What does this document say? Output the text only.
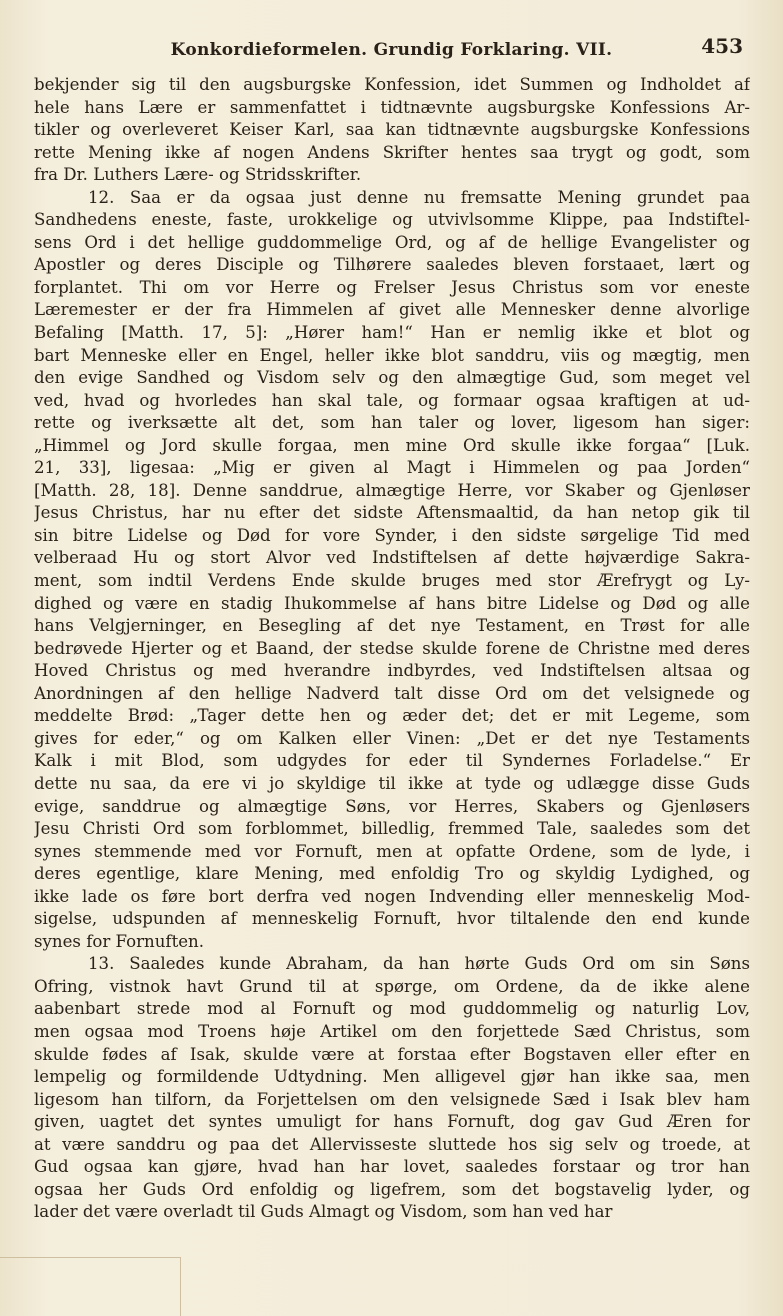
Konkordieformelen. Grundig Forklaring. VII.	453
bekjender sig til den augsburgske Konfession, idet Summen og Indholdet af
hele hans Lære er sammenfattet i tidtnævnte augsburgske Konfessions Ar-
tikler og overleveret Keiser Karl, saa kan tidtnævnte augsburgske Konfessions
rette Mening ikke af nogen Andens Skrifter hentes saa trygt og godt, som
fra Dr. Luthers Lære- og Stridsskrifter.
12. Saa er da ogsaa just denne nu fremsatte Mening grundet paa
Sandhedens eneste, faste, urokkelige og utvivlsomme Klippe, paa Indstiftel-
sens Ord i det hellige guddommelige Ord, og af de hellige Evangelister og
Apostler og deres Disciple og Tilhørere saaledes bleven forstaaet, lært og
forplantet. Thi om vor Herre og Frelser Jesus Christus som vor eneste
Læremester er der fra Himmelen af givet alle Mennesker denne alvorlige
Befaling [Matth. 17, 5]: „Hører ham!“ Han er nemlig ikke et blot og
bart Menneske eller en Engel, heller ikke blot sanddru, viis og mægtig, men
den evige Sandhed og Visdom selv og den almægtige Gud, som meget vel
ved, hvad og hvorledes han skal tale, og formaar ogsaa kraftigen at ud-
rette og iverksætte alt det, som han taler og lover, ligesom han siger:
„Himmel og Jord skulle forgaa, men mine Ord skulle ikke forgaa“ [Luk.
21, 33], ligesaa: „Mig er given al Magt i Himmelen og paa Jorden“
[Matth. 28, 18]. Denne sanddrue, almægtige Herre, vor Skaber og Gjenløser
Jesus Christus, har nu efter det sidste Aftensmaaltid, da han netop gik til
sin bitre Lidelse og Død for vore Synder, i den sidste sørgelige Tid med
velberaad Hu og stort Alvor ved Indstiftelsen af dette højværdige Sakra-
ment, som indtil Verdens Ende skulde bruges med stor Ærefrygt og Ly-
dighed og være en stadig Ihukommelse af hans bitre Lidelse og Død og alle
hans Velgjerninger, en Besegling af det nye Testament, en Trøst for alle
bedrøvede Hjerter og et Baand, der stedse skulde forene de Christne med deres
Hoved Christus og med hverandre indbyrdes, ved Indstiftelsen altsaa og
Anordningen af den hellige Nadverd talt disse Ord om det velsignede og
meddelte Brød: „Tager dette hen og æder det; det er mit Legeme, som
gives for eder,“ og om Kalken eller Vinen: „Det er det nye Testaments
Kalk i mit Blod, som udgydes for eder til Syndernes Forladelse.“ Er
dette nu saa, da ere vi jo skyldige til ikke at tyde og udlægge disse Guds
evige, sanddrue og almægtige Søns, vor Herres, Skabers og Gjenløsers
Jesu Christi Ord som forblommet, billedlig, fremmed Tale, saaledes som det
synes stemmende med vor Fornuft, men at opfatte Ordene, som de lyde, i
deres egentlige, klare Mening, med enfoldig Tro og skyldig Lydighed, og
ikke lade os føre bort derfra ved nogen Indvending eller menneskelig Mod-
sigelse, udspunden af menneskelig Fornuft, hvor tiltalende den end kunde
synes for Fornuften.
13. Saaledes kunde Abraham, da han hørte Guds Ord om sin Søns
Ofring, vistnok havt Grund til at spørge, om Ordene, da de ikke alene
aabenbart strede mod al Fornuft og mod guddommelig og naturlig Lov,
men ogsaa mod Troens høje Artikel om den forjettede Sæd Christus, som
skulde fødes af Isak, skulde være at forstaa efter Bogstaven eller efter en
lempelig og formildende Udtydning. Men alligevel gjør han ikke saa, men
ligesom han tilforn, da Forjettelsen om den velsignede Sæd i Isak blev ham
given, uagtet det syntes umuligt for hans Fornuft, dog gav Gud Æren for
at være sanddru og paa det Allervisseste sluttede hos sig selv og troede, at
Gud ogsaa kan gjøre, hvad han har lovet, saaledes forstaar og tror han
ogsaa her Guds Ord enfoldig og ligefrem, som det bogstavelig lyder, og
lader det være overladt til Guds Almagt og Visdom, som han ved har
